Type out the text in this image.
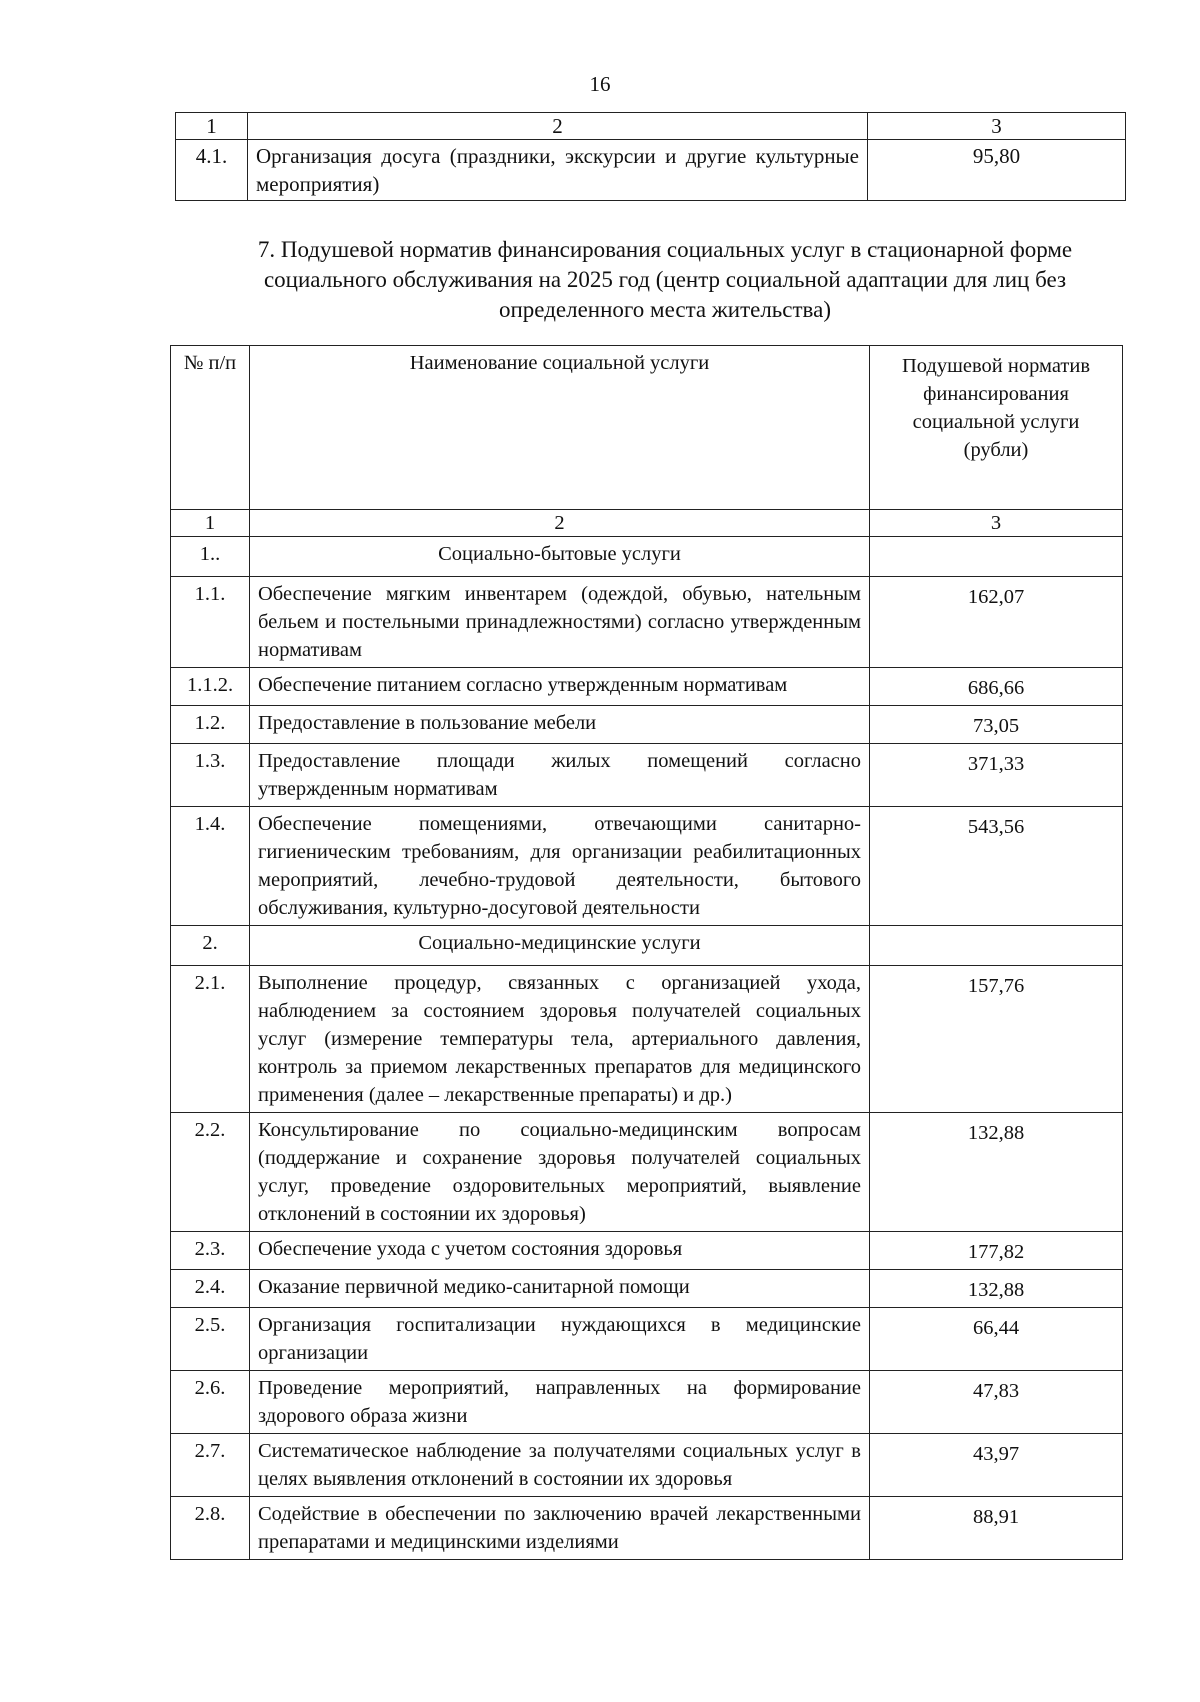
16
1	2	3
4.1.	Организация досуга (праздники, экскурсии и другие культурные мероприятия)	95,80
7. Подушевой норматив финансирования социальных услуг в стационарной форме социального обслуживания на 2025 год (центр социальной адаптации для лиц без определенного места жительства)
№ п/п	Наименование социальной услуги	Подушевой норматив финансирования социальной услуги (рубли)
1	2	3
1..	Социально-бытовые услуги	
1.1.	Обеспечение мягким инвентарем (одеждой, обувью, нательным бельем и постельными принадлежностями) согласно утвержденным нормативам	162,07
1.1.2.	Обеспечение питанием согласно утвержденным нормативам	686,66
1.2.	Предоставление в пользование мебели	73,05
1.3.	Предоставление площади жилых помещений согласно утвержденным нормативам	371,33
1.4.	Обеспечение помещениями, отвечающими санитарно-гигиеническим требованиям, для организации реабилитационных мероприятий, лечебно-трудовой деятельности, бытового обслуживания, культурно-досуговой деятельности	543,56
2.	Социально-медицинские услуги	
2.1.	Выполнение процедур, связанных с организацией ухода, наблюдением за состоянием здоровья получателей социальных услуг (измерение температуры тела, артериального давления, контроль за приемом лекарственных препаратов для медицинского применения (далее – лекарственные препараты) и др.)	157,76
2.2.	Консультирование по социально-медицинским вопросам (поддержание и сохранение здоровья получателей социальных услуг, проведение оздоровительных мероприятий, выявление отклонений в состоянии их здоровья)	132,88
2.3.	Обеспечение ухода с учетом состояния здоровья	177,82
2.4.	Оказание первичной медико-санитарной помощи	132,88
2.5.	Организация госпитализации нуждающихся в медицинские организации	66,44
2.6.	Проведение мероприятий, направленных на формирование здорового образа жизни	47,83
2.7.	Систематическое наблюдение за получателями социальных услуг в целях выявления отклонений в состоянии их здоровья	43,97
2.8.	Содействие в обеспечении по заключению врачей лекарственными препаратами и медицинскими изделиями	88,91
